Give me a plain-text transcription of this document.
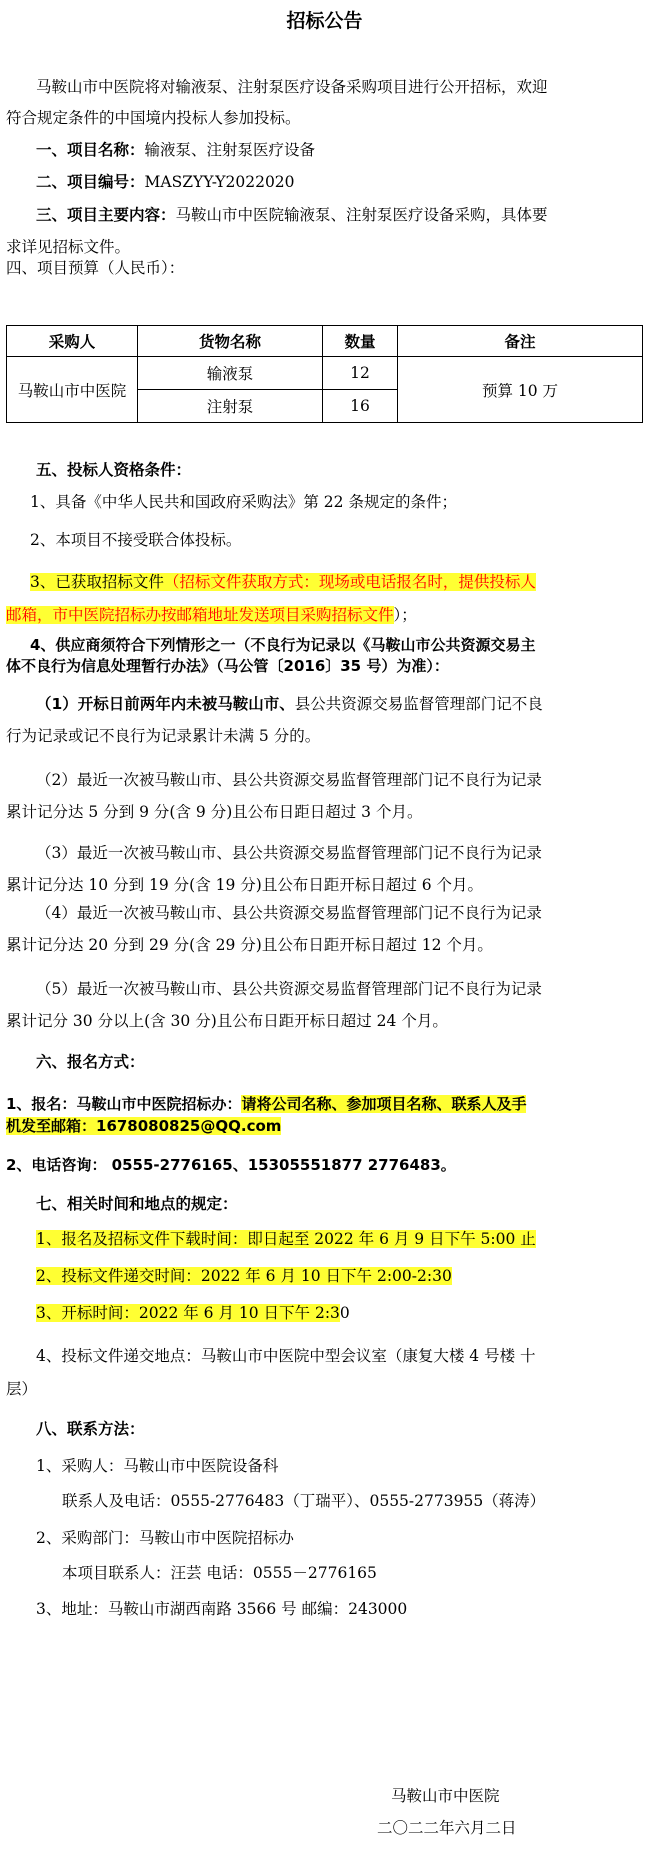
招标公告
马鞍山市中医院将对输液泵、注射泵医疗设备采购项目进行公开招标，欢迎
符合规定条件的中国境内投标人参加投标。
一、项目名称：输液泵、注射泵医疗设备
二、项目编号：MASZYY-Y2022020
三、项目主要内容：马鞍山市中医院输液泵、注射泵医疗设备采购，具体要
求详见招标文件。
四、项目预算（人民币）：
采购人	货物名称	数量	备注
马鞍山市中医院	输液泵	12	预算 10 万
	注射泵	16	
五、投标人资格条件：
1、具备《中华人民共和国政府采购法》第 22 条规定的条件；
2、本项目不接受联合体投标。
3、已获取招标文件（招标文件获取方式：现场或电话报名时，提供投标人
邮箱，市中医院招标办按邮箱地址发送项目采购招标文件）；
4、供应商须符合下列情形之一（不良行为记录以《马鞍山市公共资源交易主
体不良行为信息处理暂行办法》（马公管〔2016〕35 号）为准）：
（1）开标日前两年内未被马鞍山市、县公共资源交易监督管理部门记不良
行为记录或记不良行为记录累计未满 5 分的。
（2）最近一次被马鞍山市、县公共资源交易监督管理部门记不良行为记录
累计记分达 5 分到 9 分(含 9 分)且公布日距日超过 3 个月。
（3）最近一次被马鞍山市、县公共资源交易监督管理部门记不良行为记录
累计记分达 10 分到 19 分(含 19 分)且公布日距开标日超过 6 个月。
（4）最近一次被马鞍山市、县公共资源交易监督管理部门记不良行为记录
累计记分达 20 分到 29 分(含 29 分)且公布日距开标日超过 12 个月。
（5）最近一次被马鞍山市、县公共资源交易监督管理部门记不良行为记录
累计记分 30 分以上(含 30 分)且公布日距开标日超过 24 个月。
六、报名方式：
1、报名：马鞍山市中医院招标办：请将公司名称、参加项目名称、联系人及手
机发至邮箱：1678080825@QQ.com
2、电话咨询： 0555-2776165、15305551877 2776483。
七、相关时间和地点的规定：
1、报名及招标文件下载时间：即日起至 2022 年 6 月 9 日下午 5:00 止
2、投标文件递交时间：2022 年 6 月 10 日下午 2:00-2:30
3、开标时间：2022 年 6 月 10 日下午 2:30
4、投标文件递交地点：马鞍山市中医院中型会议室（康复大楼 4 号楼 十
层）
八、联系方法：
1、采购人：马鞍山市中医院设备科
联系人及电话：0555-2776483（丁瑞平）、0555-2773955（蒋涛）
2、采购部门：马鞍山市中医院招标办
本项目联系人：汪芸 电话：0555－2776165
3、地址：马鞍山市湖西南路 3566 号 邮编：243000
马鞍山市中医院
二〇二二年六月二日
